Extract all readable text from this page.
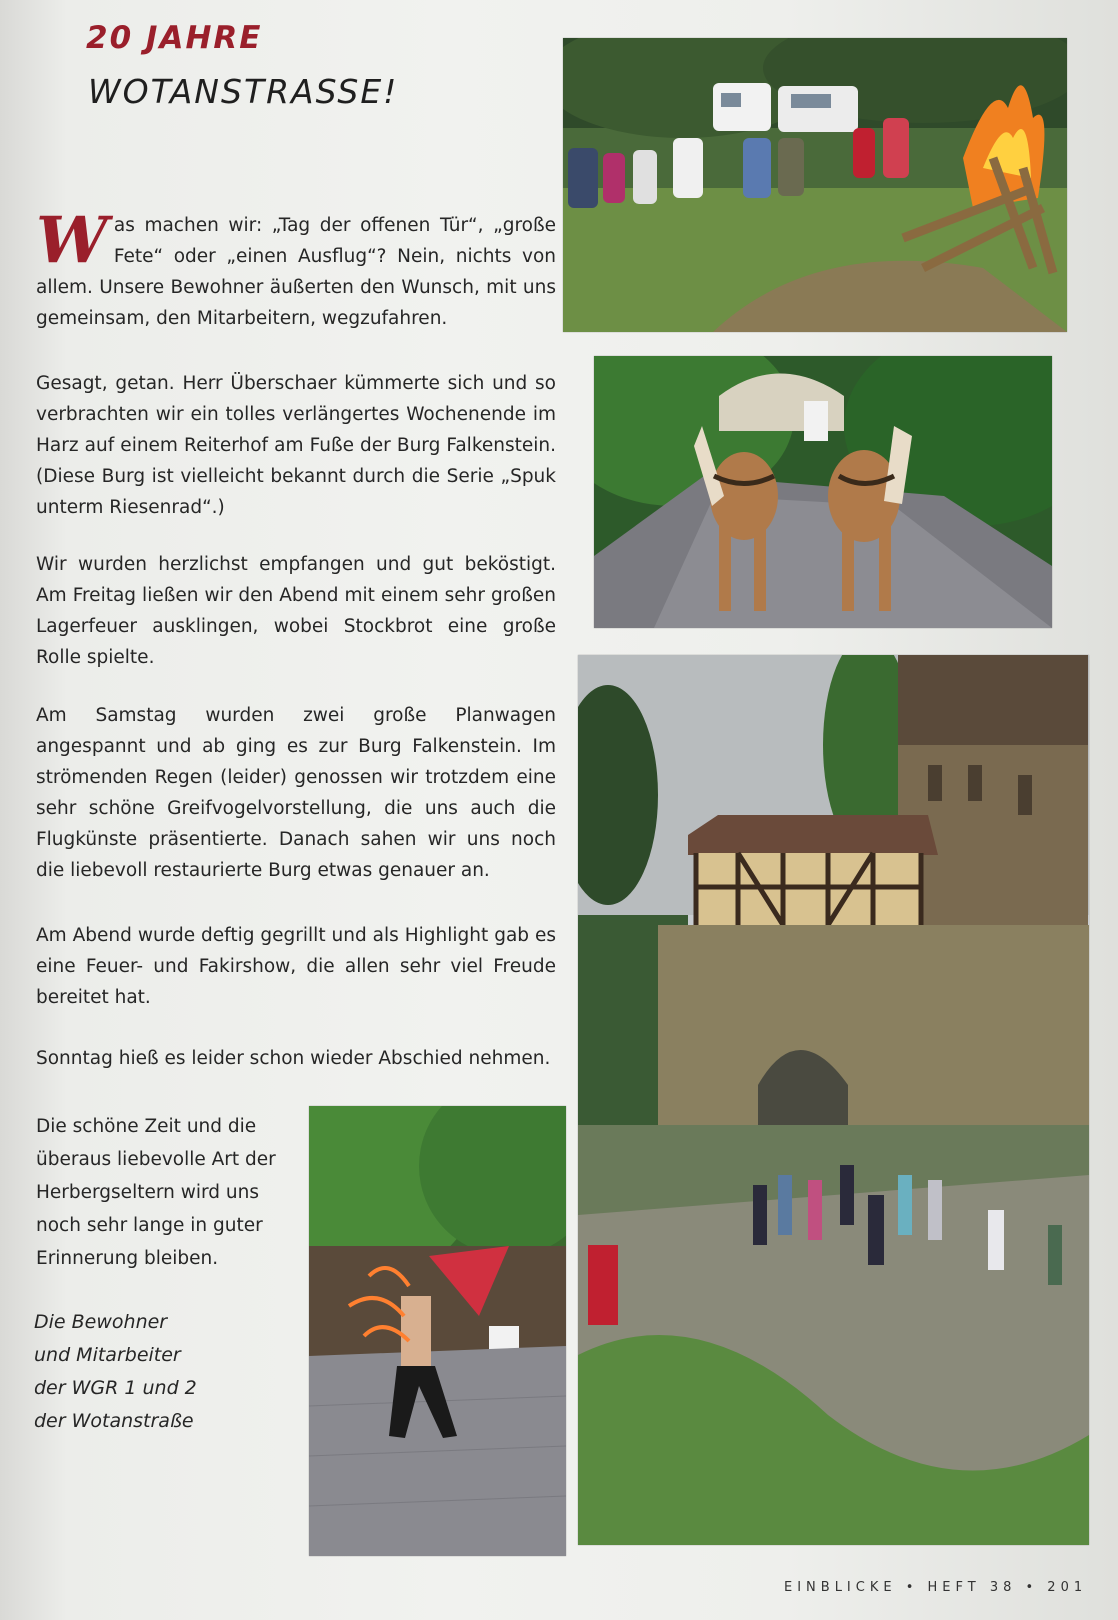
20 JAHRE
WOTANSTRASSE!
Was machen wir: „Tag der offenen Tür“, „große Fete“ oder „einen Ausflug“? Nein, nichts von allem. Unsere Bewohner äußerten den Wunsch, mit uns gemeinsam, den Mitarbeitern, wegzufahren.
Gesagt, getan. Herr Überschaer kümmerte sich und so verbrachten wir ein tolles verlängertes Wochenende im Harz auf einem Reiterhof am Fuße der Burg Falkenstein. (Diese Burg ist vielleicht bekannt durch die Serie „Spuk unterm Riesenrad“.)
Wir wurden herzlichst empfangen und gut beköstigt. Am Freitag ließen wir den Abend mit einem sehr großen Lagerfeuer ausklingen, wobei Stockbrot eine große Rolle spielte.
Am Samstag wurden zwei große Planwagen angespannt und ab ging es zur Burg Falkenstein. Im strömenden Regen (leider) genossen wir trotzdem eine sehr schöne Greifvogelvorstellung, die uns auch die Flugkünste präsentierte. Danach sahen wir uns noch die liebevoll restaurierte Burg etwas genauer an.
Am Abend wurde deftig gegrillt und als Highlight gab es eine Feuer- und Fakirshow, die allen sehr viel Freude bereitet hat.
Sonntag hieß es leider schon wieder Abschied nehmen.
Die schöne Zeit und die überaus liebevolle Art der Herbergseltern wird uns noch sehr lange in guter Erinnerung bleiben.
Die Bewohner
und Mitarbeiter
der WGR 1 und 2
der Wotanstraße
EINBLICKE • HEFT 38 • 201
